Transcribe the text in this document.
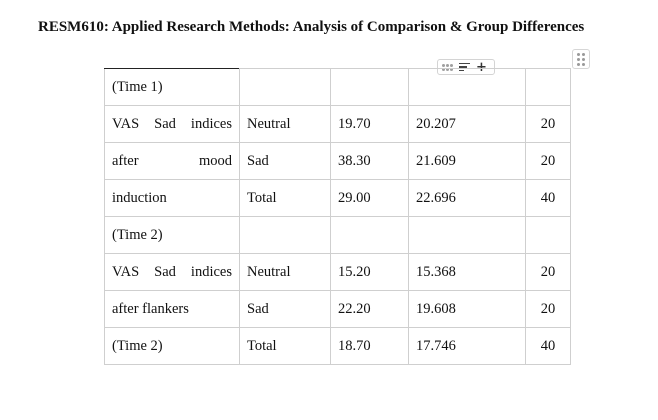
RESM610: Applied Research Methods: Analysis of Comparison & Group Differences
+
(Time 1)				

VAS Sad indices	Neutral	19.70	20.207	20

after mood	Sad	38.30	21.609	20
induction	Total	29.00	22.696	40
(Time 2)				

VAS Sad indices	Neutral	15.20	15.368	20
after flankers	Sad	22.20	19.608	20
(Time 2)	Total	18.70	17.746	40
